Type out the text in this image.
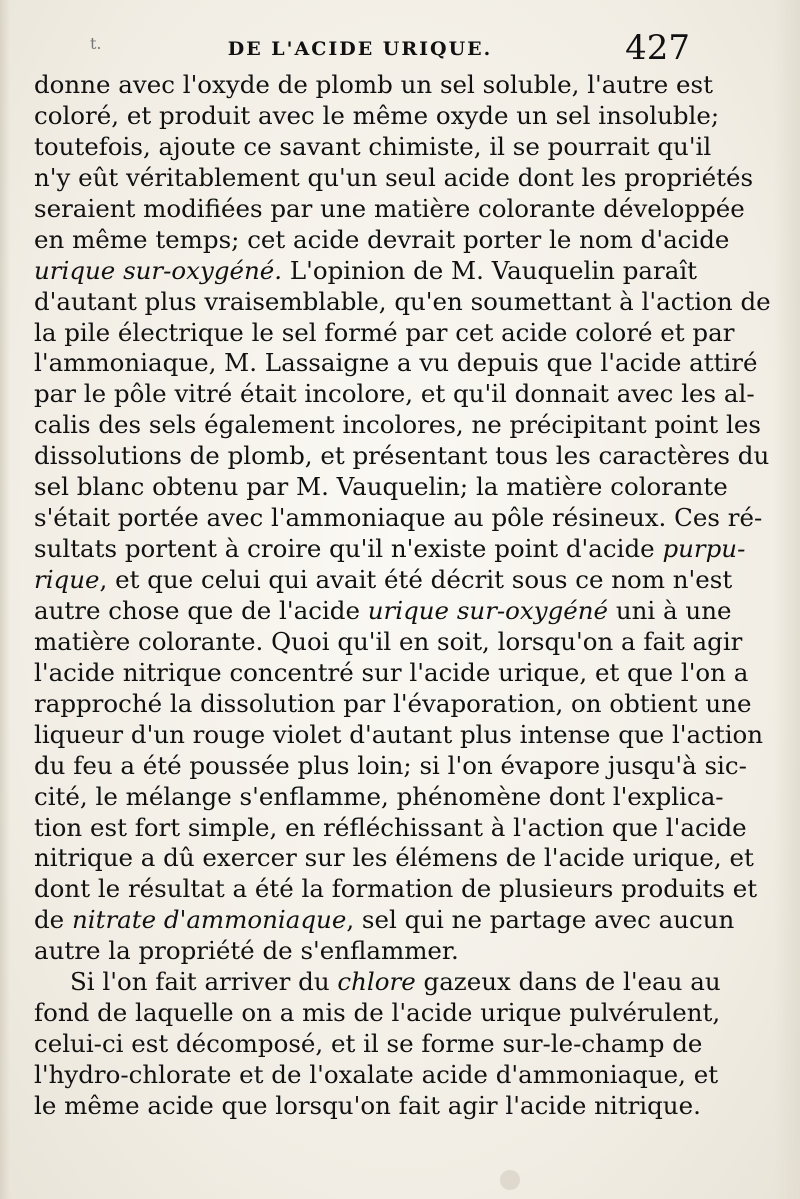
t.	DE L'ACIDE URIQUE.	427
donne avec l'oxyde de plomb un sel soluble, l'autre est
coloré, et produit avec le même oxyde un sel insoluble;
toutefois, ajoute ce savant chimiste, il se pourrait qu'il
n'y eût véritablement qu'un seul acide dont les propriétés
seraient modifiées par une matière colorante développée
en même temps; cet acide devrait porter le nom d'acide
urique sur-oxygéné. L'opinion de M. Vauquelin paraît
d'autant plus vraisemblable, qu'en soumettant à l'action de
la pile électrique le sel formé par cet acide coloré et par
l'ammoniaque, M. Lassaigne a vu depuis que l'acide attiré
par le pôle vitré était incolore, et qu'il donnait avec les al-
calis des sels également incolores, ne précipitant point les
dissolutions de plomb, et présentant tous les caractères du
sel blanc obtenu par M. Vauquelin; la matière colorante
s'était portée avec l'ammoniaque au pôle résineux. Ces ré-
sultats portent à croire qu'il n'existe point d'acide purpu-
rique, et que celui qui avait été décrit sous ce nom n'est
autre chose que de l'acide urique sur-oxygéné uni à une
matière colorante. Quoi qu'il en soit, lorsqu'on a fait agir
l'acide nitrique concentré sur l'acide urique, et que l'on a
rapproché la dissolution par l'évaporation, on obtient une
liqueur d'un rouge violet d'autant plus intense que l'action
du feu a été poussée plus loin; si l'on évapore jusqu'à sic-
cité, le mélange s'enflamme, phénomène dont l'explica-
tion est fort simple, en réfléchissant à l'action que l'acide
nitrique a dû exercer sur les élémens de l'acide urique, et
dont le résultat a été la formation de plusieurs produits et
de nitrate d'ammoniaque, sel qui ne partage avec aucun
autre la propriété de s'enflammer.
Si l'on fait arriver du chlore gazeux dans de l'eau au
fond de laquelle on a mis de l'acide urique pulvérulent,
celui-ci est décomposé, et il se forme sur-le-champ de
l'hydro-chlorate et de l'oxalate acide d'ammoniaque, et
le même acide que lorsqu'on fait agir l'acide nitrique.
